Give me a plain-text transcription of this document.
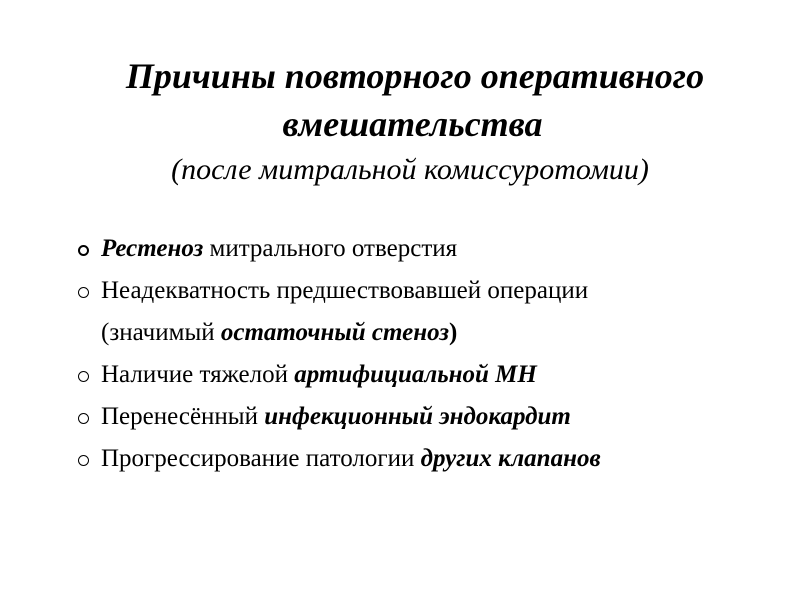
Причины повторного оперативного

вмешательства

(после митральной комиссуротомии)

Рестеноз митрального отверстия
Неадекватность предшествовавшей операции
(значимый остаточный стеноз)
Наличие тяжелой артифициальной МН
Перенесённый инфекционный эндокардит
Прогрессирование патологии других клапанов
